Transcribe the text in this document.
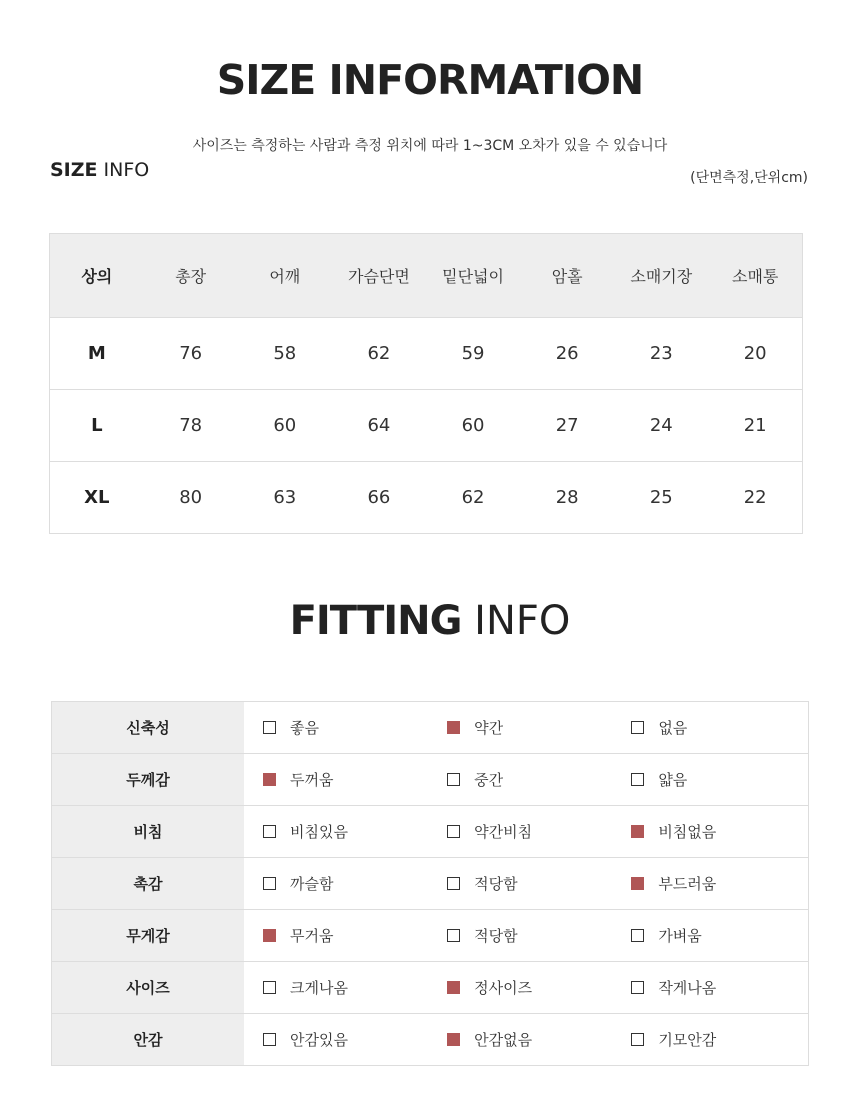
SIZE INFORMATION
사이즈는 측정하는 사람과 측정 위치에 따라 1~3CM 오차가 있을 수 있습니다
SIZE INFO	(단면측정,단위cm)
상의	총장	어깨	가슴단면	밑단넓이	암홀	소매기장	소매통
M	76	58	62	59	26	23	20
L	78	60	64	60	27	24	21
XL	80	63	66	62	28	25	22
FITTING INFO
신축성	좋음	약간	없음

두께감	두꺼움	중간	얇음

비침	비침있음	약간비침	비침없음

촉감	까슬함	적당함	부드러움

무게감	무거움	적당함	가벼움

사이즈	크게나옴	정사이즈	작게나옴

안감	안감있음	안감없음	기모안감
